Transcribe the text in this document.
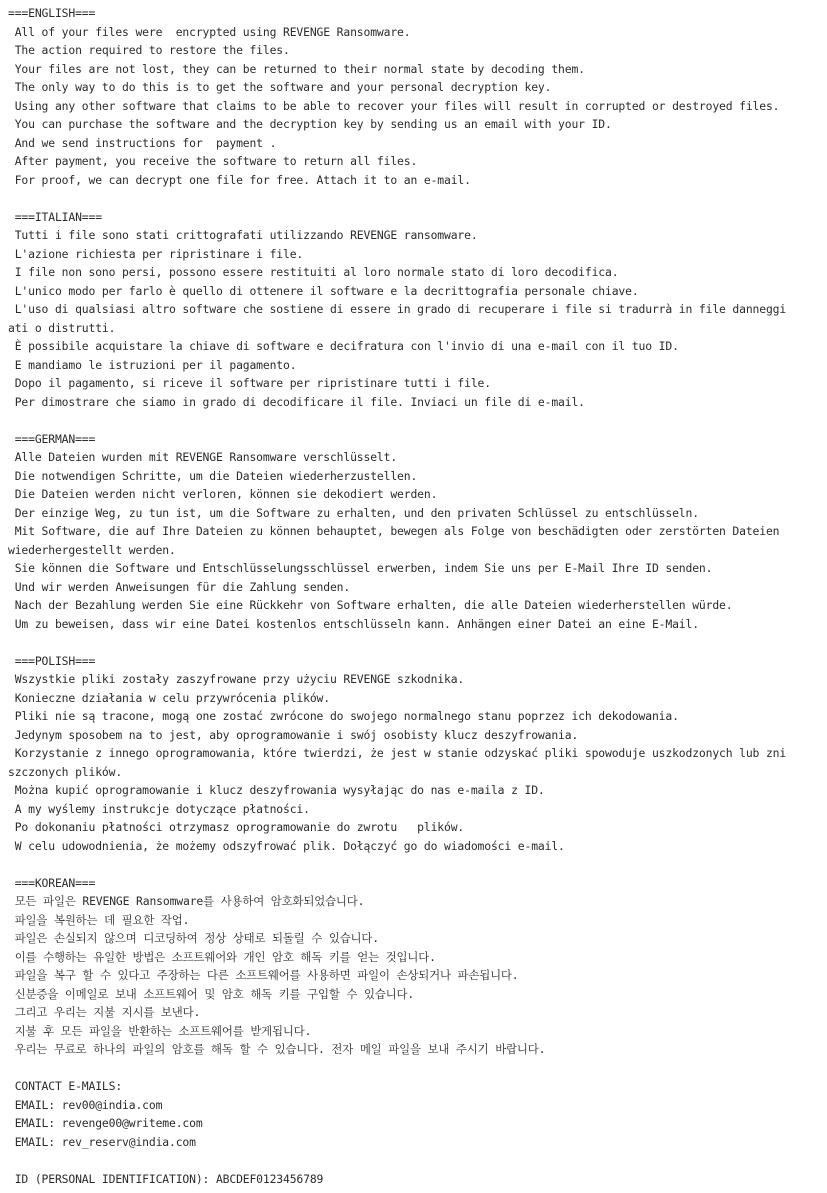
===ENGLISH===
All of your files were  encrypted using REVENGE Ransomware.
The action required to restore the files.
Your files are not lost, they can be returned to their normal state by decoding them.
The only way to do this is to get the software and your personal decryption key.
Using any other software that claims to be able to recover your files will result in corrupted or destroyed files.
You can purchase the software and the decryption key by sending us an email with your ID.
And we send instructions for  payment .
After payment, you receive the software to return all files.
For proof, we can decrypt one file for free. Attach it to an e-mail.
===ITALIAN===
Tutti i file sono stati crittografati utilizzando REVENGE ransomware.
L'azione richiesta per ripristinare i file.
I file non sono persi, possono essere restituiti al loro normale stato di loro decodifica.
L'unico modo per farlo è quello di ottenere il software e la decrittografia personale chiave.
L'uso di qualsiasi altro software che sostiene di essere in grado di recuperare i file si tradurrà in file danneggi
ati o distrutti.
È possibile acquistare la chiave di software e decifratura con l'invio di una e-mail con il tuo ID.
E mandiamo le istruzioni per il pagamento.
Dopo il pagamento, si riceve il software per ripristinare tutti i file.
Per dimostrare che siamo in grado di decodificare il file. Inviaci un file di e-mail.
===GERMAN===
Alle Dateien wurden mit REVENGE Ransomware verschlüsselt.
Die notwendigen Schritte, um die Dateien wiederherzustellen.
Die Dateien werden nicht verloren, können sie dekodiert werden.
Der einzige Weg, zu tun ist, um die Software zu erhalten, und den privaten Schlüssel zu entschlüsseln.
Mit Software, die auf Ihre Dateien zu können behauptet, bewegen als Folge von beschädigten oder zerstörten Dateien
wiederhergestellt werden.
Sie können die Software und Entschlüsselungsschlüssel erwerben, indem Sie uns per E-Mail Ihre ID senden.
Und wir werden Anweisungen für die Zahlung senden.
Nach der Bezahlung werden Sie eine Rückkehr von Software erhalten, die alle Dateien wiederherstellen würde.
Um zu beweisen, dass wir eine Datei kostenlos entschlüsseln kann. Anhängen einer Datei an eine E-Mail.
===POLISH===
Wszystkie pliki zostały zaszyfrowane przy użyciu REVENGE szkodnika.
Konieczne działania w celu przywrócenia plików.
Pliki nie są tracone, mogą one zostać zwrócone do swojego normalnego stanu poprzez ich dekodowania.
Jedynym sposobem na to jest, aby oprogramowanie i swój osobisty klucz deszyfrowania.
Korzystanie z innego oprogramowania, które twierdzi, że jest w stanie odzyskać pliki spowoduje uszkodzonych lub zni
szczonych plików.
Można kupić oprogramowanie i klucz deszyfrowania wysyłając do nas e-maila z ID.
A my wyślemy instrukcje dotyczące płatności.
Po dokonaniu płatności otrzymasz oprogramowanie do zwrotu   plików.
W celu udowodnienia, że możemy odszyfrować plik. Dołączyć go do wiadomości e-mail.
===KOREAN===
모든 파일은 REVENGE Ransomware를 사용하여 암호화되었습니다.
파일을 복원하는 데 필요한 작업.
파일은 손실되지 않으며 디코딩하여 정상 상태로 되돌릴 수 있습니다.
이를 수행하는 유일한 방법은 소프트웨어와 개인 암호 해독 키를 얻는 것입니다.
파일을 복구 할 수 있다고 주장하는 다른 소프트웨어를 사용하면 파일이 손상되거나 파손됩니다.
신분증을 이메일로 보내 소프트웨어 및 암호 해독 키를 구입할 수 있습니다.
그리고 우리는 지불 지시를 보낸다.
지불 후 모든 파일을 반환하는 소프트웨어를 받게됩니다.
우리는 무료로 하나의 파일의 암호를 해독 할 수 있습니다. 전자 메일 파일을 보내 주시기 바랍니다.
CONTACT E-MAILS:
EMAIL: rev00@india.com
EMAIL: revenge00@writeme.com
EMAIL: rev_reserv@india.com
ID (PERSONAL IDENTIFICATION): ABCDEF0123456789
